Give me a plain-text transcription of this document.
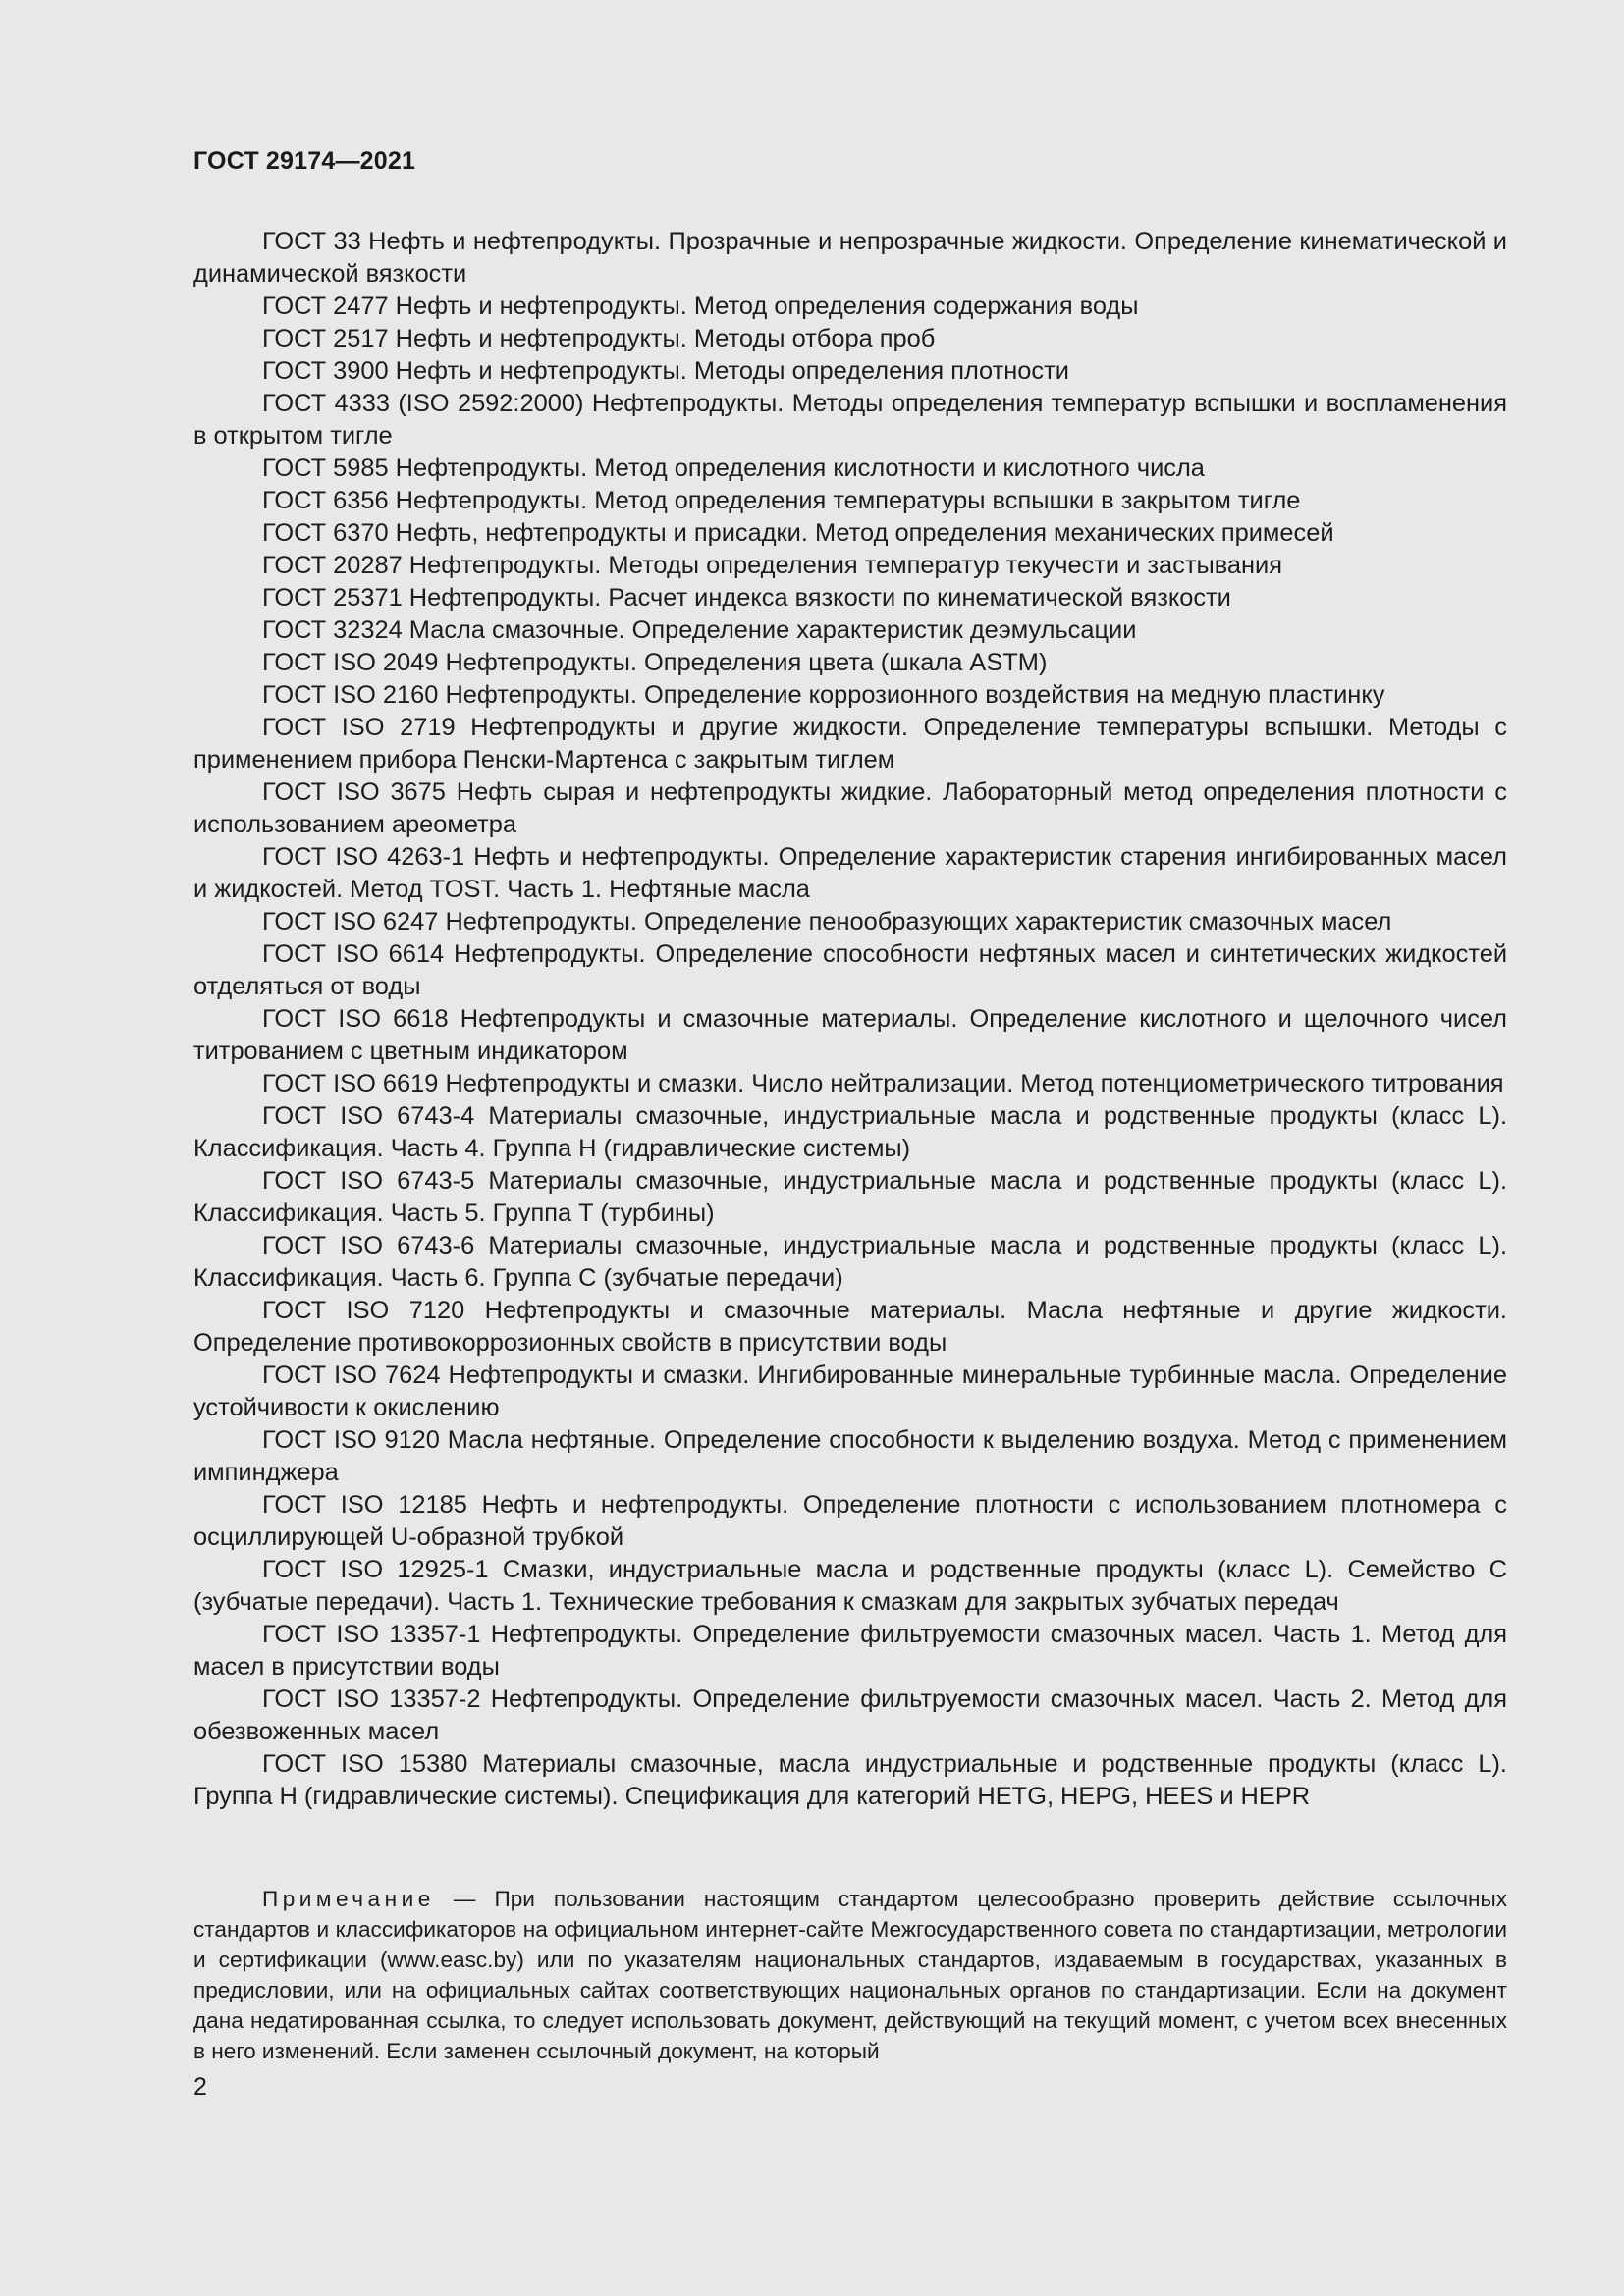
ГОСТ 29174—2021

ГОСТ 33 Нефть и нефтепродукты. Прозрачные и непрозрачные жидкости. Определение кинематической и динамической вязкости

ГОСТ 2477 Нефть и нефтепродукты. Метод определения содержания воды

ГОСТ 2517 Нефть и нефтепродукты. Методы отбора проб

ГОСТ 3900 Нефть и нефтепродукты. Методы определения плотности

ГОСТ 4333 (ISO 2592:2000) Нефтепродукты. Методы определения температур вспышки и воспламенения в открытом тигле

ГОСТ 5985 Нефтепродукты. Метод определения кислотности и кислотного числа

ГОСТ 6356 Нефтепродукты. Метод определения температуры вспышки в закрытом тигле

ГОСТ 6370 Нефть, нефтепродукты и присадки. Метод определения механических примесей

ГОСТ 20287 Нефтепродукты. Методы определения температур текучести и застывания

ГОСТ 25371 Нефтепродукты. Расчет индекса вязкости по кинематической вязкости

ГОСТ 32324 Масла смазочные. Определение характеристик деэмульсации

ГОСТ ISO 2049 Нефтепродукты. Определения цвета (шкала ASTM)

ГОСТ ISO 2160 Нефтепродукты. Определение коррозионного воздействия на медную пластинку

ГОСТ ISO 2719 Нефтепродукты и другие жидкости. Определение температуры вспышки. Методы с применением прибора Пенски-Мартенса с закрытым тиглем

ГОСТ ISO 3675 Нефть сырая и нефтепродукты жидкие. Лабораторный метод определения плотности с использованием ареометра

ГОСТ ISO 4263-1 Нефть и нефтепродукты. Определение характеристик старения ингибированных масел и жидкостей. Метод TOST. Часть 1. Нефтяные масла

ГОСТ ISO 6247 Нефтепродукты. Определение пенообразующих характеристик смазочных масел

ГОСТ ISO 6614 Нефтепродукты. Определение способности нефтяных масел и синтетических жидкостей отделяться от воды

ГОСТ ISO 6618 Нефтепродукты и смазочные материалы. Определение кислотного и щелочного чисел титрованием с цветным индикатором

ГОСТ ISO 6619 Нефтепродукты и смазки. Число нейтрализации. Метод потенциометрического титрования

ГОСТ ISO 6743-4 Материалы смазочные, индустриальные масла и родственные продукты (класс L). Классификация. Часть 4. Группа H (гидравлические системы)

ГОСТ ISO 6743-5 Материалы смазочные, индустриальные масла и родственные продукты (класс L). Классификация. Часть 5. Группа T (турбины)

ГОСТ ISO 6743-6 Материалы смазочные, индустриальные масла и родственные продукты (класс L). Классификация. Часть 6. Группа C (зубчатые передачи)

ГОСТ ISO 7120 Нефтепродукты и смазочные материалы. Масла нефтяные и другие жидкости. Определение противокоррозионных свойств в присутствии воды

ГОСТ ISO 7624 Нефтепродукты и смазки. Ингибированные минеральные турбинные масла. Определение устойчивости к окислению

ГОСТ ISO 9120 Масла нефтяные. Определение способности к выделению воздуха. Метод с применением импинджера

ГОСТ ISO 12185 Нефть и нефтепродукты. Определение плотности с использованием плотномера с осциллирующей U-образной трубкой

ГОСТ ISO 12925-1 Смазки, индустриальные масла и родственные продукты (класс L). Семейство C (зубчатые передачи). Часть 1. Технические требования к смазкам для закрытых зубчатых передач

ГОСТ ISO 13357-1 Нефтепродукты. Определение фильтруемости смазочных масел. Часть 1. Метод для масел в присутствии воды

ГОСТ ISO 13357-2 Нефтепродукты. Определение фильтруемости смазочных масел. Часть 2. Метод для обезвоженных масел

ГОСТ ISO 15380 Материалы смазочные, масла индустриальные и родственные продукты (класс L). Группа H (гидравлические системы). Спецификация для категорий HETG, HEPG, HEES и HEPR

Примечание — При пользовании настоящим стандартом целесообразно проверить действие ссылочных стандартов и классификаторов на официальном интернет-сайте Межгосударственного совета по стандартизации, метрологии и сертификации (www.easc.by) или по указателям национальных стандартов, издаваемым в государствах, указанных в предисловии, или на официальных сайтах соответствующих национальных органов по стандартизации. Если на документ дана недатированная ссылка, то следует использовать документ, действующий на текущий момент, с учетом всех внесенных в него изменений. Если заменен ссылочный документ, на который

2
